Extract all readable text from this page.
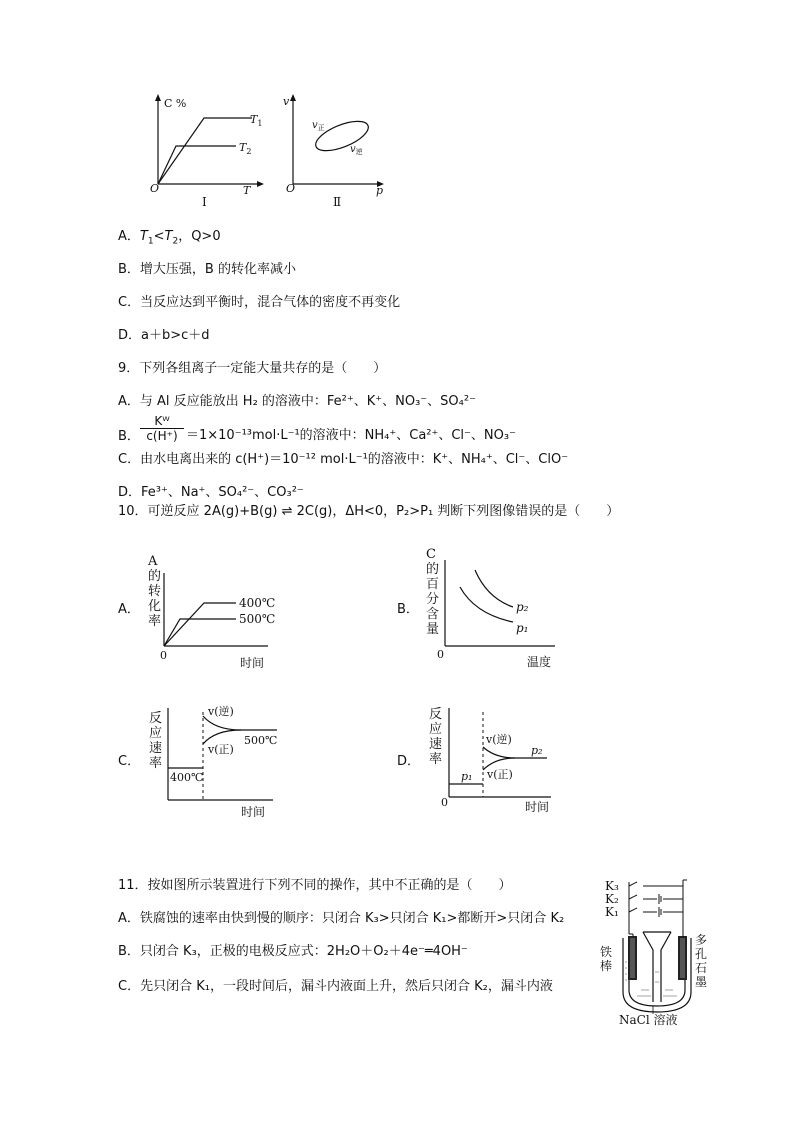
C %
O	T
$T_1$
$T_2$
Ⅰ
v
O	p
$v_正$
$v_逆$
Ⅱ
A．$T_1<T_2$，Q>0
B．增大压强，B 的转化率减小
C．当反应达到平衡时，混合气体的密度不再变化
D．a＋b>c＋d
9．下列各组离子一定能大量共存的是（　　）
A．与 Al 反应能放出 H₂ 的溶液中：Fe²⁺、K⁺、NO₃⁻、SO₄²⁻
B．
Kᵂ
c(H⁺) ＝1×10⁻¹³mol·L⁻¹的溶液中：NH₄⁺、Ca²⁺、Cl⁻、NO₃⁻
C．由水电离出来的 c(H⁺)＝10⁻¹² mol·L⁻¹的溶液中：K⁺、NH₄⁺、Cl⁻、ClO⁻
D．Fe³⁺、Na⁺、SO₄²⁻、CO₃²⁻
10．可逆反应 2A(g)+B(g) ⇌ 2C(g)，ΔH<0，P₂>P₁ 判断下列图像错误的是（　　）
A．
A
的
转
化
率
0
400℃
500℃
时间
B．
C
的
百
分
含
量
p₂
p₁
0
温度
C．
反
应
速
率
v(逆)
v(正)
500℃
400℃
时间
D．
反
应
速
率
v(逆)
v(正)
p₂
p₁
0	时间
11．按如图所示装置进行下列不同的操作，其中不正确的是（　　）
A．铁腐蚀的速率由快到慢的顺序：只闭合 K₃>只闭合 K₁>都断开>只闭合 K₂
B．只闭合 K₃，正极的电极反应式：2H₂O＋O₂＋4e⁻═4OH⁻
C．先只闭合 K₁，一段时间后，漏斗内液面上升，然后只闭合 K₂，漏斗内液
K₃
K₂
K₁
铁
棒
多
孔
石
墨
NaCl 溶液
